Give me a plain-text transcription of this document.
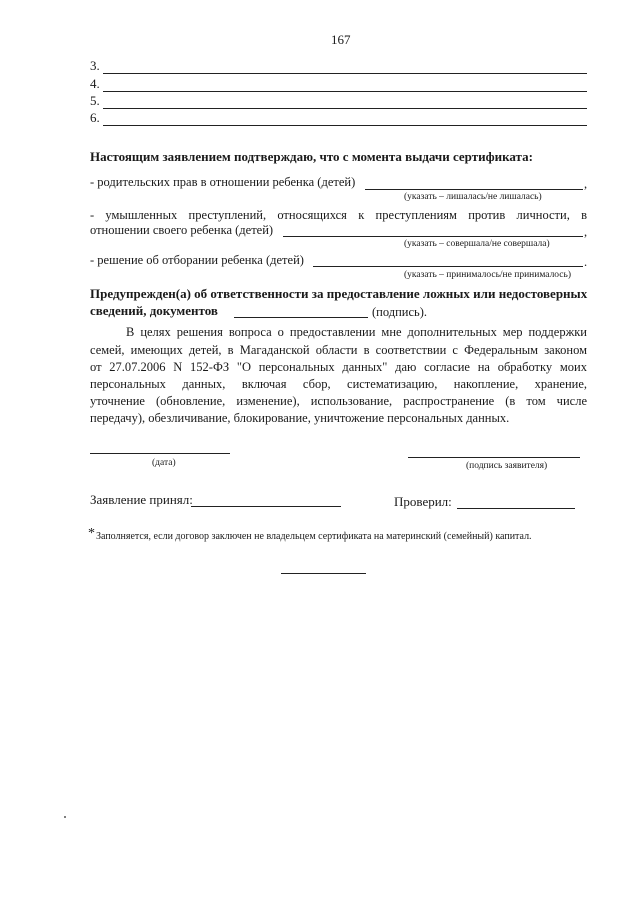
167
3.
4.
5.
6.
Настоящим заявлением подтверждаю, что с момента выдачи сертификата:
- родительских прав в отношении ребенка (детей)	,
(указать – лишалась/не лишалась)
- умышленных преступлений, относящихся к преступлениям против личности, в
отношении своего ребенка (детей)	,
(указать – совершала/не совершала)
- решение об отборании ребенка (детей)	.
(указать – принималось/не принималось)
Предупрежден(а) об ответственности за предоставление ложных или недостоверных
сведений, документов	(подпись).
В целях решения вопроса о предоставлении мне дополнительных мер поддержки
семей, имеющих детей, в Магаданской области в соответствии с Федеральным законом
от 27.07.2006 N 152-ФЗ "О персональных данных" даю согласие на обработку моих
персональных данных, включая сбор, систематизацию, накопление, хранение,
уточнение (обновление, изменение), использование, распространение (в том числе
передачу), обезличивание, блокирование, уничтожение персональных данных.
(дата)	(подпись заявителя)
Заявление принял:	Проверил:
* Заполняется, если договор заключен не владельцем сертификата на материнский (семейный) капитал.
